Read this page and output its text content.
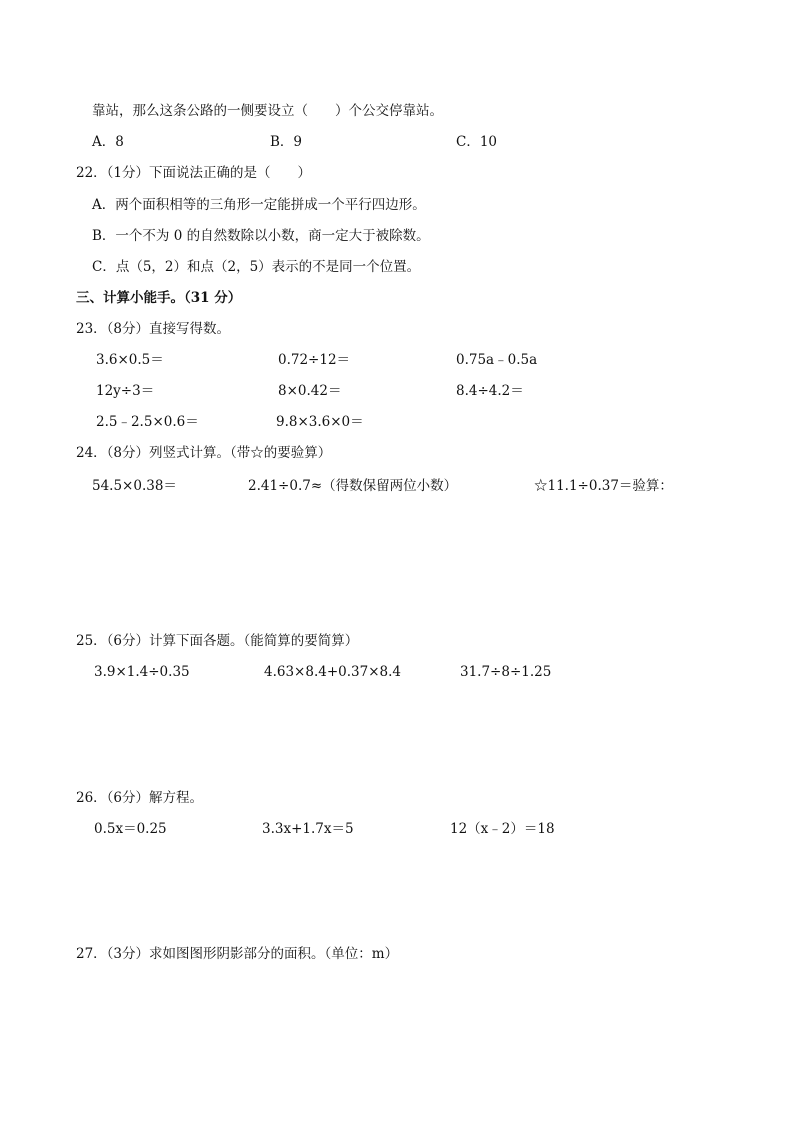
靠站，那么这条公路的一侧要设立（　　）个公交停靠站。
A．8	B．9	C．10
22．（1分）下面说法正确的是（　　）
A．两个面积相等的三角形一定能拼成一个平行四边形。
B．一个不为 0 的自然数除以小数，商一定大于被除数。
C．点（5，2）和点（2，5）表示的不是同一个位置。
三、计算小能手。（31 分）
23．（8分）直接写得数。
3.6×0.5＝	0.72÷12＝	0.75a﹣0.5a
12y÷3＝	8×0.42＝	8.4÷4.2＝
2.5﹣2.5×0.6＝	9.8×3.6×0＝
24．（8分）列竖式计算。（带☆的要验算）
54.5×0.38＝	2.41÷0.7≈（得数保留两位小数）	☆11.1÷0.37＝验算：
25．（6分）计算下面各题。（能简算的要简算）
3.9×1.4÷0.35	4.63×8.4+0.37×8.4	31.7÷8÷1.25
26．（6分）解方程。
0.5x＝0.25	3.3x+1.7x＝5	12（x﹣2）＝18
27．（3分）求如图图形阴影部分的面积。（单位：m）
